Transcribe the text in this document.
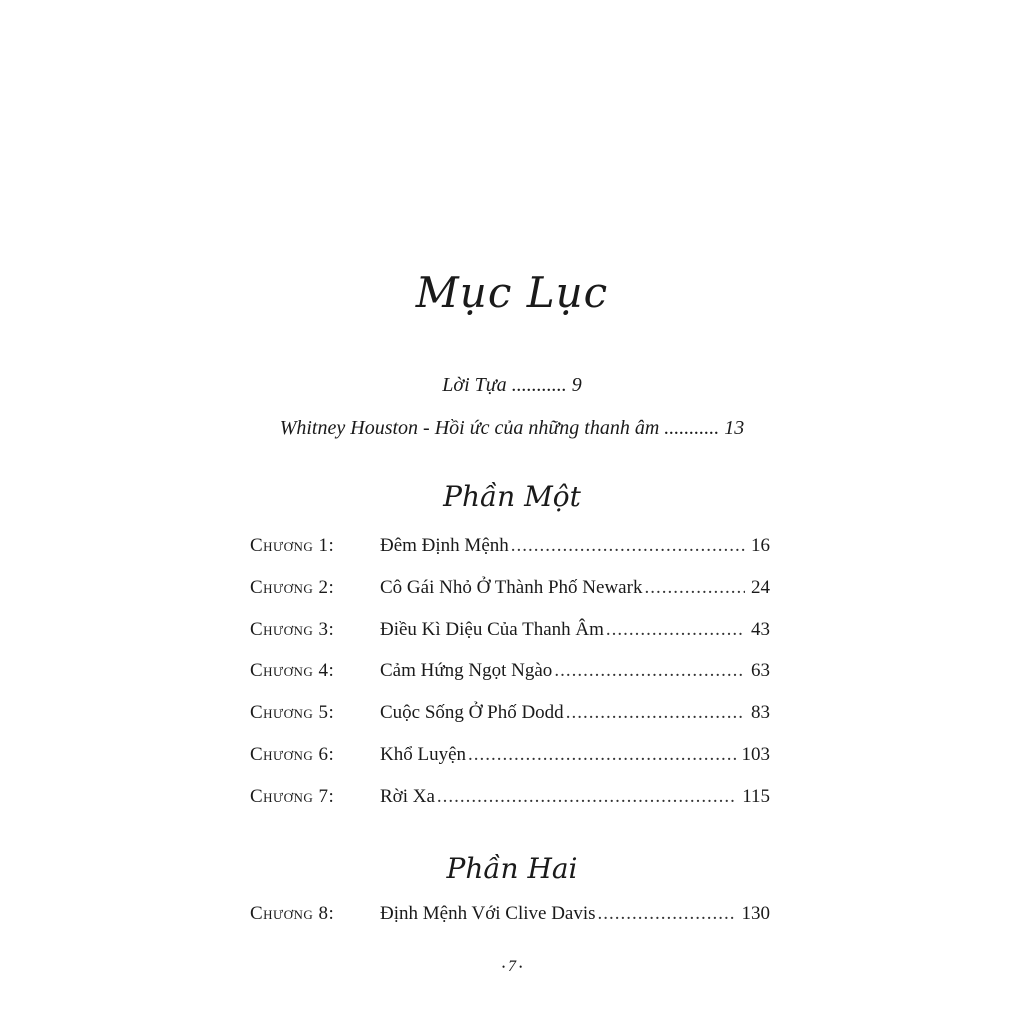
Mục Lục
Lời Tựa ........... 9
Whitney Houston - Hồi ức của những thanh âm ........... 13
Phần Một
Chương 1:	Đêm Định Mệnh .....	16
Chương 2:	Cô Gái Nhỏ Ở Thành Phố Newark .....	24
Chương 3:	Điều Kì Diệu Của Thanh Âm .....	43
Chương 4:	Cảm Hứng Ngọt Ngào .....	63
Chương 5:	Cuộc Sống Ở Phố Dodd .....	83
Chương 6:	Khổ Luyện .....	103
Chương 7:	Rời Xa .....	115
Phần Hai
Chương 8:	Định Mệnh Với Clive Davis .....	130
• 7 •
